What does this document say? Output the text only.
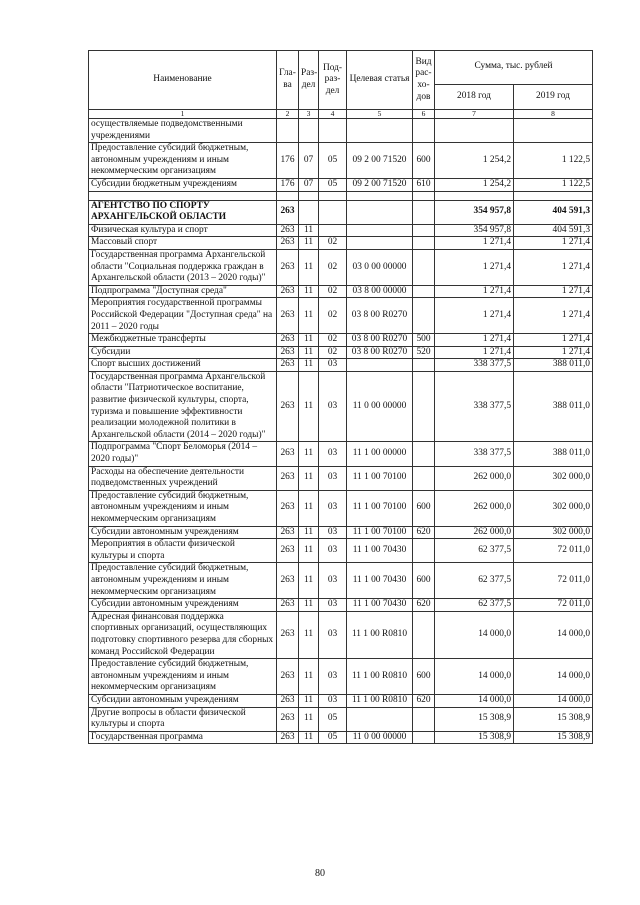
Наименование	Гла-ва	Раз-дел	Под-раз-дел	Целевая статья	Вид рас-хо-дов	Сумма, тыс. рублей	
						2018 год	2019 год
1	2	3	4	5	6	7	8
осуществляемые подведомственными учреждениями							
Предоставление субсидий бюджетным, автономным учреждениям и иным некоммерческим организациям	176	07	05	09 2 00 71520	600	1 254,2	1 122,5
Субсидии бюджетным учреждениям	176	07	05	09 2 00 71520	610	1 254,2	1 122,5

АГЕНТСТВО ПО СПОРТУ АРХАНГЕЛЬСКОЙ ОБЛАСТИ	263					354 957,8	404 591,3
Физическая культура и спорт	263	11				354 957,8	404 591,3
Массовый спорт	263	11	02			1 271,4	1 271,4
Государственная программа Архангельской области "Социальная поддержка граждан в Архангельской области (2013 – 2020 годы)"	263	11	02	03 0 00 00000		1 271,4	1 271,4
Подпрограмма "Доступная среда"	263	11	02	03 8 00 00000		1 271,4	1 271,4
Мероприятия государственной программы Российской Федерации "Доступная среда" на 2011 – 2020 годы	263	11	02	03 8 00 R0270		1 271,4	1 271,4
Межбюджетные трансферты	263	11	02	03 8 00 R0270	500	1 271,4	1 271,4
Субсидии	263	11	02	03 8 00 R0270	520	1 271,4	1 271,4
Спорт высших достижений	263	11	03			338 377,5	388 011,0
Государственная программа Архангельской области "Патриотическое воспитание, развитие физической культуры, спорта, туризма и повышение эффективности реализации молодежной политики в Архангельской области (2014 – 2020 годы)"	263	11	03	11 0 00 00000		338 377,5	388 011,0
Подпрограмма "Спорт Беломорья (2014 – 2020 годы)"	263	11	03	11 1 00 00000		338 377,5	388 011,0
Расходы на обеспечение деятельности подведомственных учреждений	263	11	03	11 1 00 70100		262 000,0	302 000,0
Предоставление субсидий бюджетным, автономным учреждениям и иным некоммерческим организациям	263	11	03	11 1 00 70100	600	262 000,0	302 000,0
Субсидии автономным учреждениям	263	11	03	11 1 00 70100	620	262 000,0	302 000,0
Мероприятия в области физической культуры и спорта	263	11	03	11 1 00 70430		62 377,5	72 011,0
Предоставление субсидий бюджетным, автономным учреждениям и иным некоммерческим организациям	263	11	03	11 1 00 70430	600	62 377,5	72 011,0
Субсидии автономным учреждениям	263	11	03	11 1 00 70430	620	62 377,5	72 011,0
Адресная финансовая поддержка спортивных организаций, осуществляющих подготовку спортивного резерва для сборных команд Российской Федерации	263	11	03	11 1 00 R0810		14 000,0	14 000,0
Предоставление субсидий бюджетным, автономным учреждениям и иным некоммерческим организациям	263	11	03	11 1 00 R0810	600	14 000,0	14 000,0
Субсидии автономным учреждениям	263	11	03	11 1 00 R0810	620	14 000,0	14 000,0
Другие вопросы в области физической культуры и спорта	263	11	05			15 308,9	15 308,9
Государственная программа	263	11	05	11 0 00 00000		15 308,9	15 308,9
80
